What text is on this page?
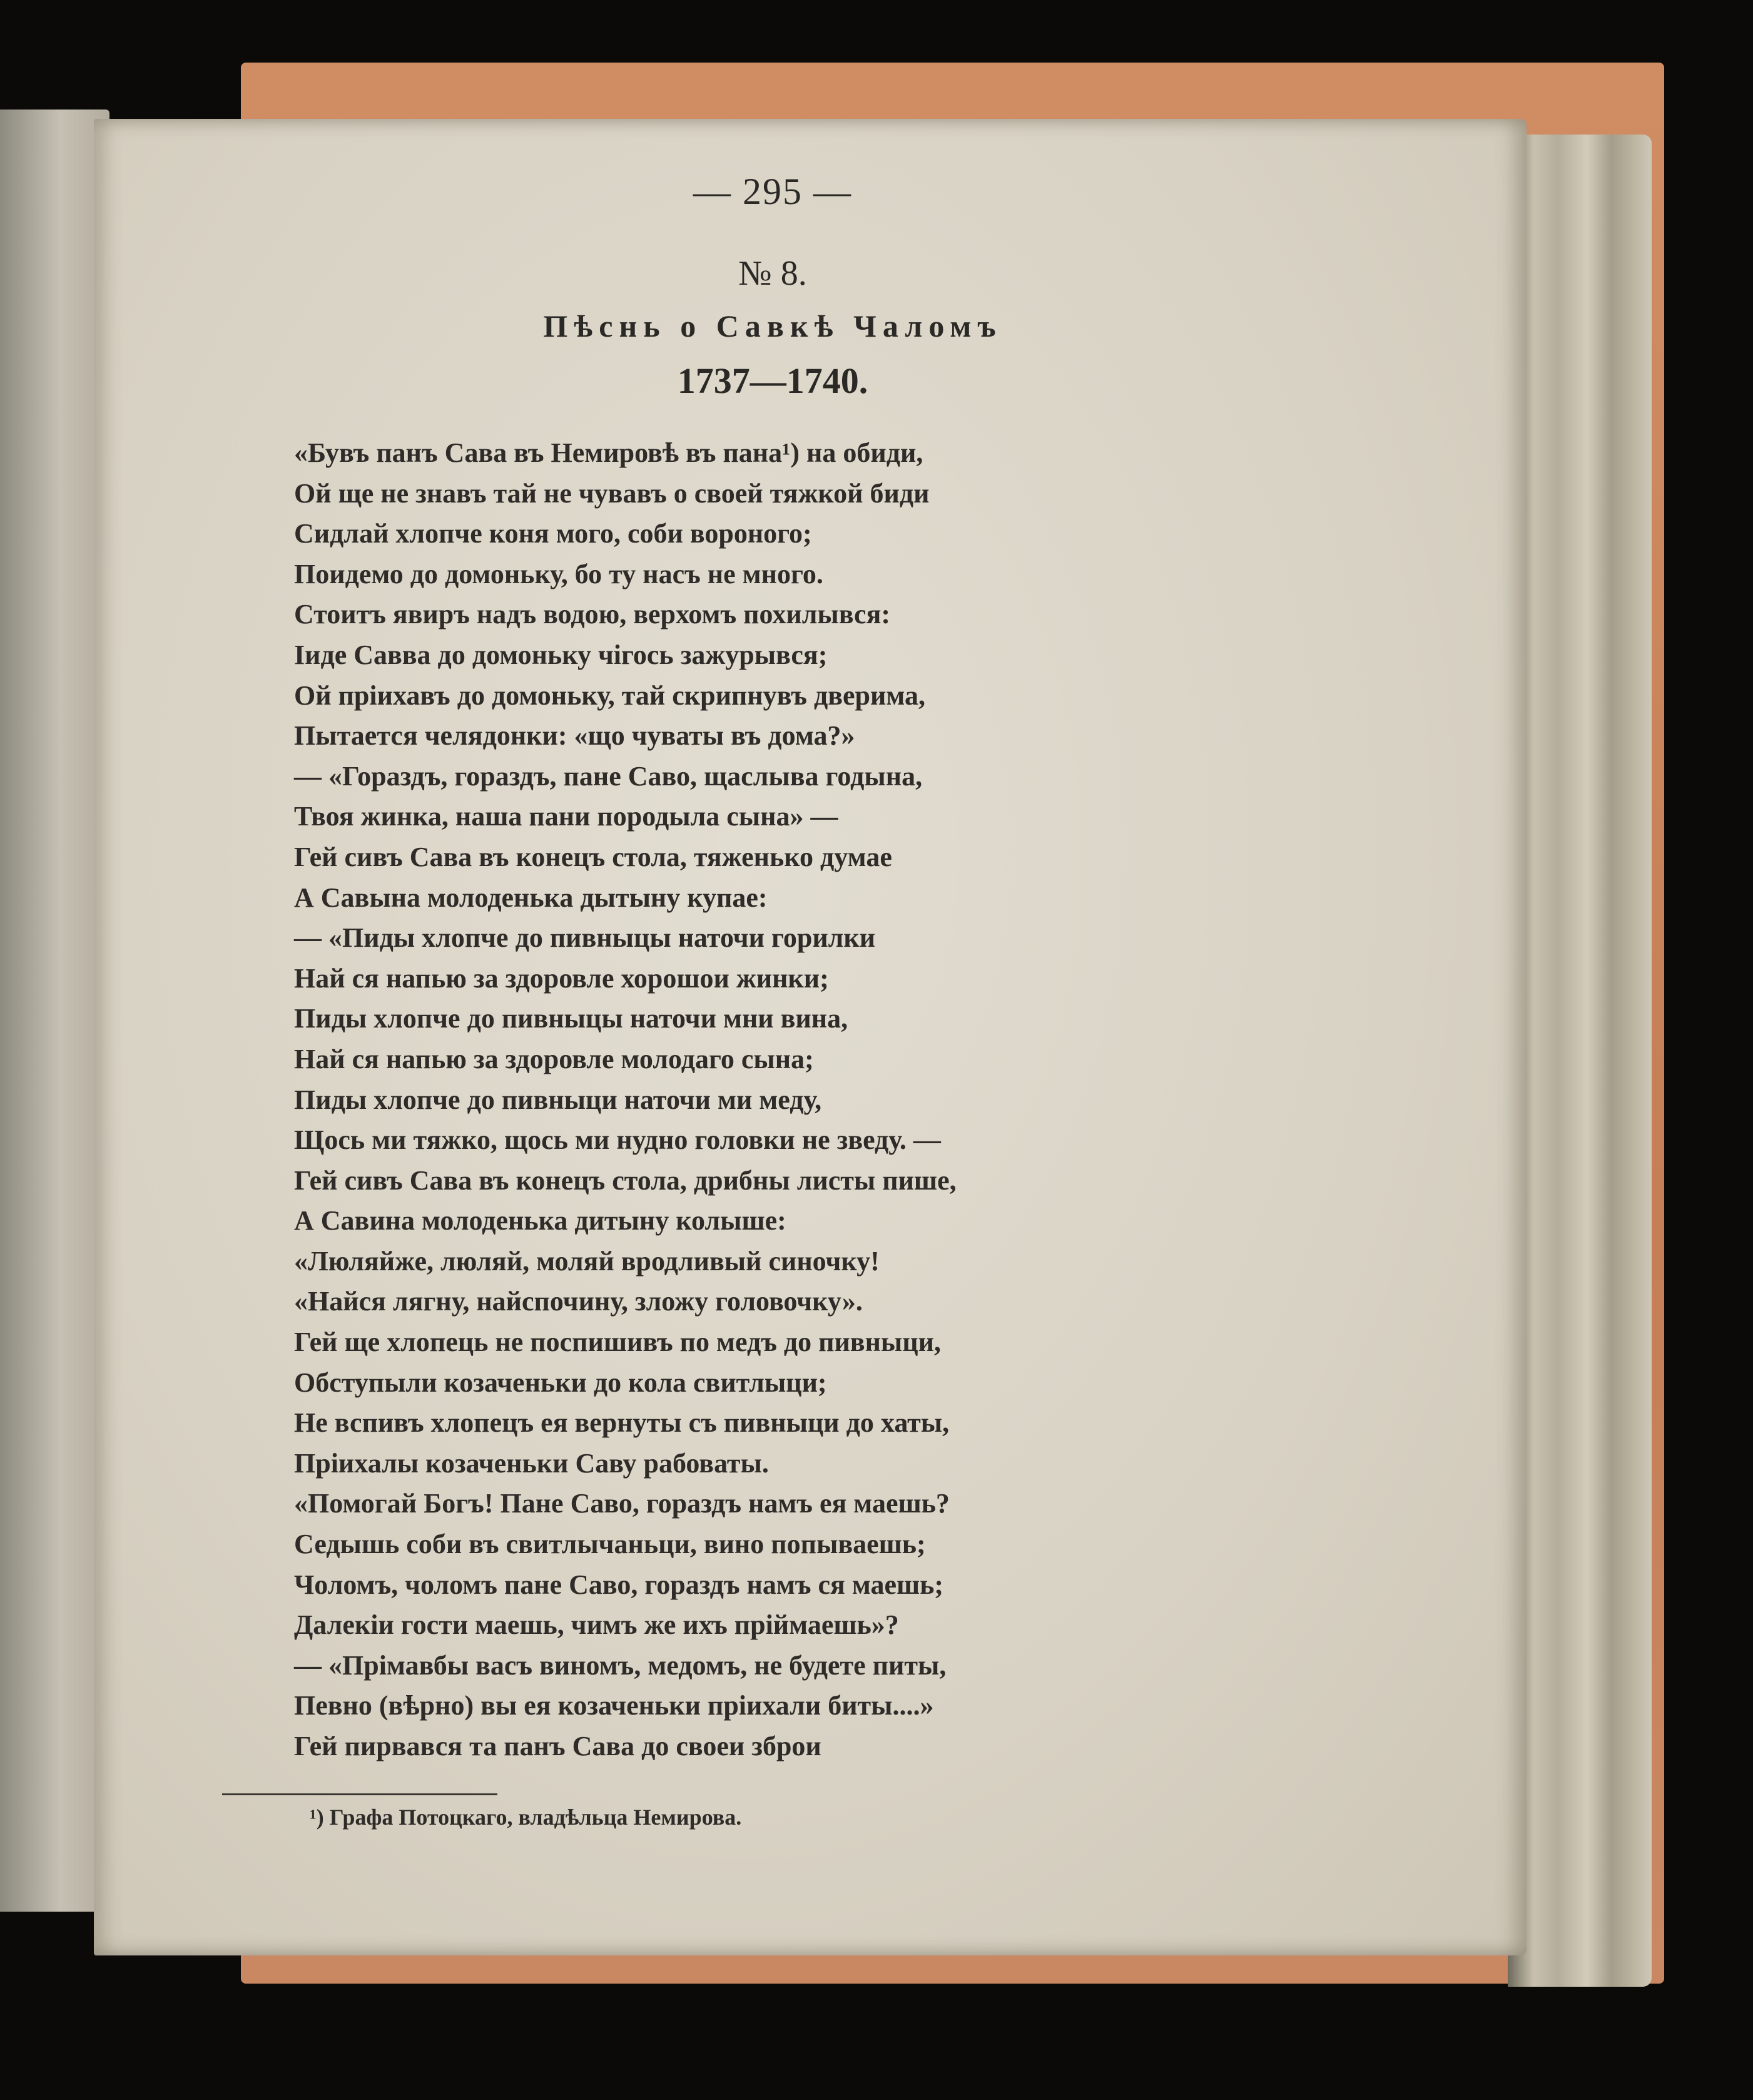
— 295 —
№ 8.
Пѣснь о Савкѣ Чаломъ
1737—1740.
«Бувъ панъ Сава въ Немировѣ въ пана¹) на обиди,
Ой ще не знавъ тай не чувавъ о своей тяжкой биди
Сидлай хлопче коня мого, соби вороного;
Поидемо до домоньку, бо ту насъ не много.
Стоитъ явиръ надъ водою, верхомъ похилывся:
Іиде Савва до домоньку чігось зажурывся;
Ой пріихавъ до домоньку, тай скрипнувъ дверима,
Пытается челядонки: «що чуваты въ дома?»
— «Гораздъ, гораздъ, пане Саво, щаслыва годына,
Твоя жинка, наша пани породыла сына» —
Гей сивъ Сава въ конецъ стола, тяженько думае
А Савына молоденька дытыну купае:
— «Пиды хлопче до пивныцы наточи горилки
Най ся напью за здоровле хорошои жинки;
Пиды хлопче до пивныцы наточи мни вина,
Най ся напью за здоровле молодаго сына;
Пиды хлопче до пивныци наточи ми меду,
Щось ми тяжко, щось ми нудно головки не зведу. —
Гей сивъ Сава въ конецъ стола, дрибны листы пише,
А Савина молоденька дитыну колыше:
«Люляйже, люляй, моляй вродливый синочку!
«Найся лягну, найспочину, зложу головочку».
Гей ще хлопець не поспишивъ по медъ до пивныци,
Обступыли козаченьки до кола свитлыци;
Не вспивъ хлопецъ ея вернуты съ пивныци до хаты,
Пріихалы козаченьки Саву рабоваты.
«Помогай Богъ! Пане Саво, гораздъ намъ ея маешь?
Седышь соби въ свитлычаньци, вино попываешь;
Чоломъ, чоломъ пане Саво, гораздъ намъ ся маешь;
Далекіи гости маешь, чимъ же ихъ пріймаешь»?
— «Прімавбы васъ виномъ, медомъ, не будете питы,
Певно (вѣрно) вы ея козаченьки пріихали биты....»
Гей пирвався та панъ Сава до своеи зброи
¹) Графа Потоцкаго, владѣльца Немирова.
